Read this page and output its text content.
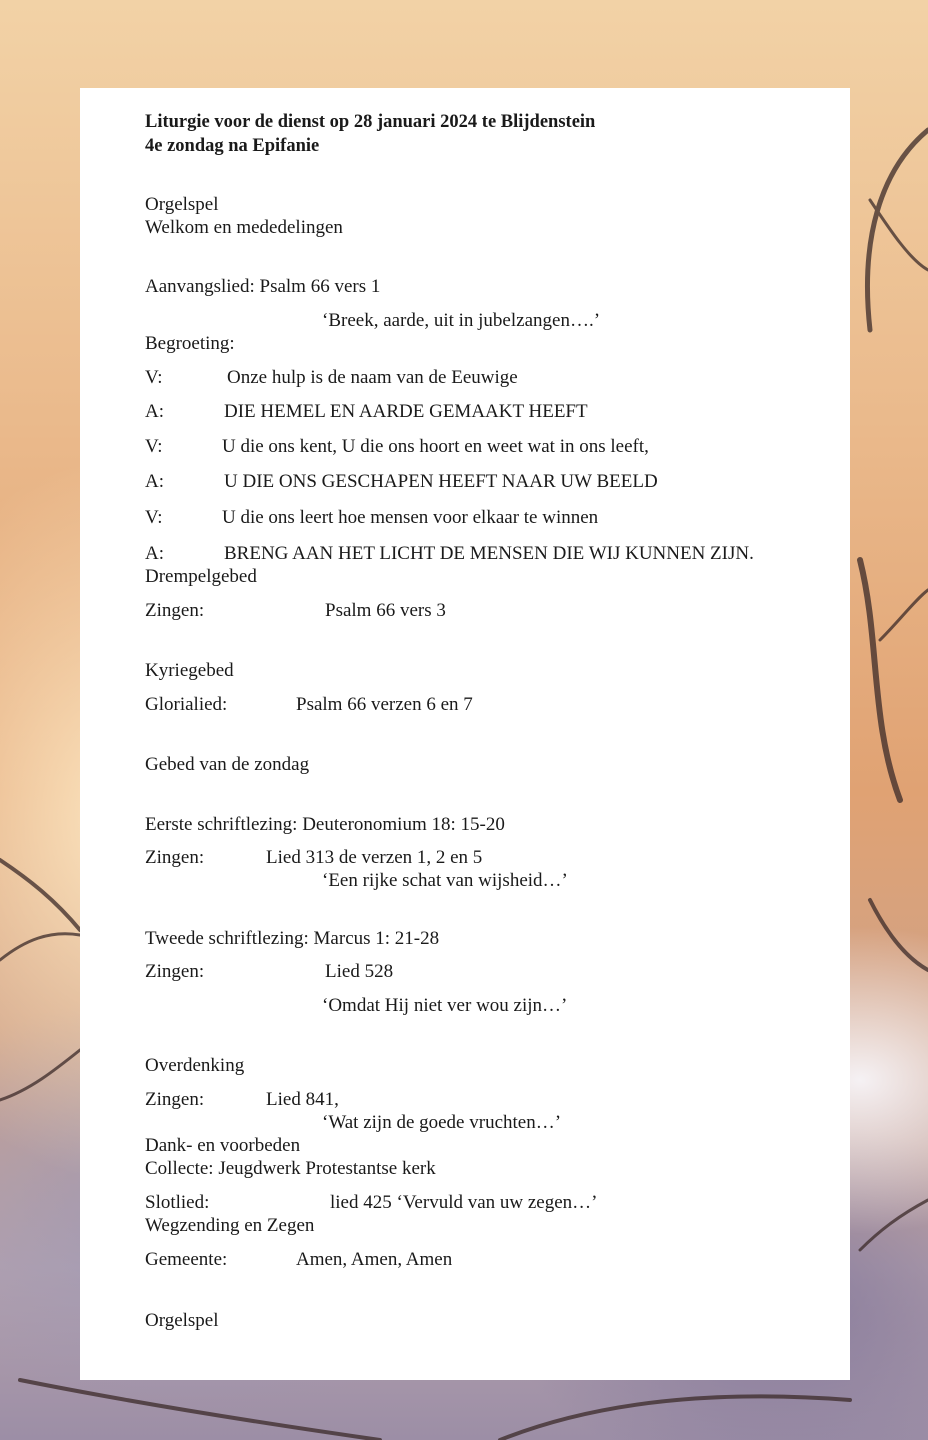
Liturgie voor de dienst op 28 januari 2024 te Blijdenstein
4e zondag na Epifanie
Orgelspel
Welkom en mededelingen
Aanvangslied: Psalm 66 vers 1
‘Breek, aarde, uit in jubelzangen….’
Begroeting:
V:	Onze hulp is de naam van de Eeuwige
A:	DIE HEMEL EN AARDE GEMAAKT HEEFT
V:	U die ons kent, U die ons hoort en weet wat in ons leeft,
A:	U DIE ONS GESCHAPEN HEEFT NAAR UW BEELD
V:	U die ons leert hoe mensen voor elkaar te winnen
A:	BRENG AAN HET LICHT DE MENSEN DIE WIJ KUNNEN ZIJN.
Drempelgebed
Zingen:	Psalm 66 vers 3
Kyriegebed
Glorialied:	Psalm 66 verzen 6 en 7
Gebed van de zondag
Eerste schriftlezing: Deuteronomium 18: 15-20
Zingen:	Lied 313 de verzen 1, 2 en 5
‘Een rijke schat van wijsheid…’
Tweede schriftlezing: Marcus 1: 21-28
Zingen:	Lied 528
‘Omdat Hij niet ver wou zijn…’
Overdenking
Zingen:	Lied 841,
‘Wat zijn de goede vruchten…’
Dank- en voorbeden
Collecte: Jeugdwerk Protestantse kerk
Slotlied:	lied 425 ‘Vervuld van uw zegen…’
Wegzending en Zegen
Gemeente:	Amen, Amen, Amen
Orgelspel
